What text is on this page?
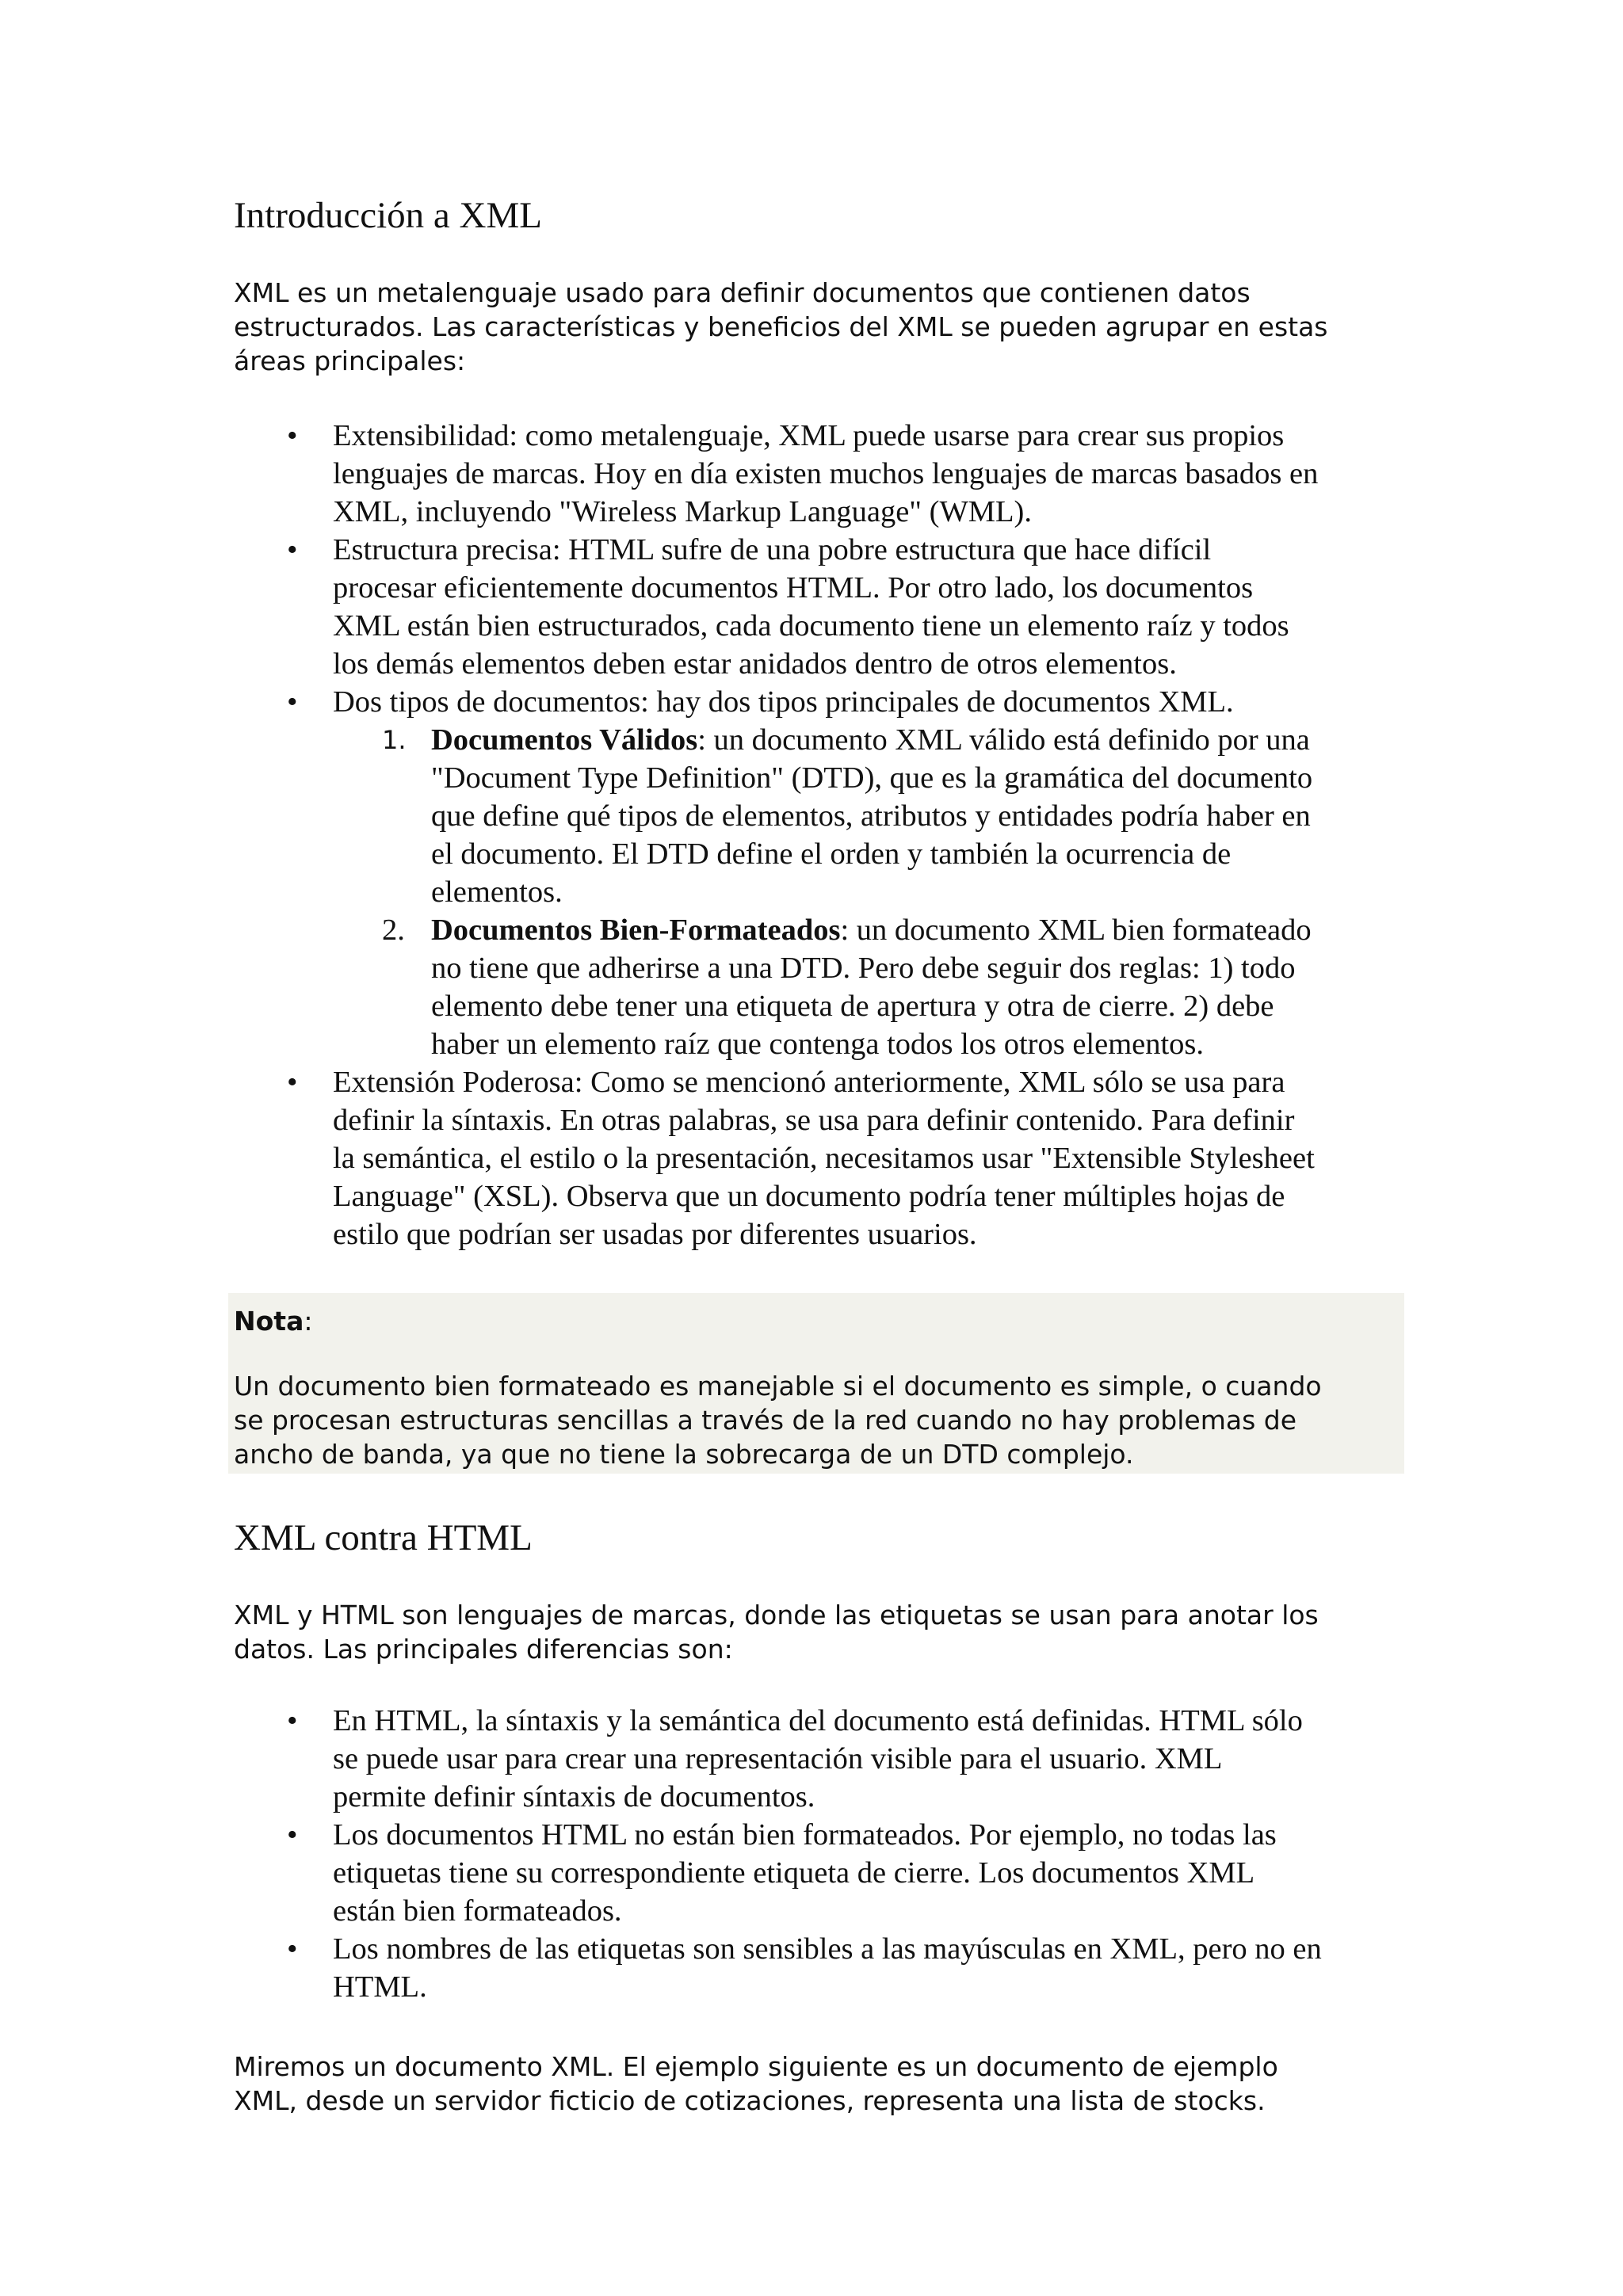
Introducción a XML
XML es un metalenguaje usado para definir documentos que contienen datos
estructurados. Las características y beneficios del XML se pueden agrupar en estas
áreas principales:
• Extensibilidad: como metalenguaje, XML puede usarse para crear sus propios
lenguajes de marcas. Hoy en día existen muchos lenguajes de marcas basados en
XML, incluyendo "Wireless Markup Language" (WML).
• Estructura precisa: HTML sufre de una pobre estructura que hace difícil
procesar eficientemente documentos HTML. Por otro lado, los documentos
XML están bien estructurados, cada documento tiene un elemento raíz y todos
los demás elementos deben estar anidados dentro de otros elementos.
• Dos tipos de documentos: hay dos tipos principales de documentos XML.
1. Documentos Válidos: un documento XML válido está definido por una
"Document Type Definition" (DTD), que es la gramática del documento
que define qué tipos de elementos, atributos y entidades podría haber en
el documento. El DTD define el orden y también la ocurrencia de
elementos.
2. Documentos Bien-Formateados: un documento XML bien formateado
no tiene que adherirse a una DTD. Pero debe seguir dos reglas: 1) todo
elemento debe tener una etiqueta de apertura y otra de cierre. 2) debe
haber un elemento raíz que contenga todos los otros elementos.
• Extensión Poderosa: Como se mencionó anteriormente, XML sólo se usa para
definir la síntaxis. En otras palabras, se usa para definir contenido. Para definir
la semántica, el estilo o la presentación, necesitamos usar "Extensible Stylesheet
Language" (XSL). Observa que un documento podría tener múltiples hojas de
estilo que podrían ser usadas por diferentes usuarios.
Nota:
Un documento bien formateado es manejable si el documento es simple, o cuando
se procesan estructuras sencillas a través de la red cuando no hay problemas de
ancho de banda, ya que no tiene la sobrecarga de un DTD complejo.
XML contra HTML
XML y HTML son lenguajes de marcas, donde las etiquetas se usan para anotar los
datos. Las principales diferencias son:
• En HTML, la síntaxis y la semántica del documento está definidas. HTML sólo
se puede usar para crear una representación visible para el usuario. XML
permite definir síntaxis de documentos.
• Los documentos HTML no están bien formateados. Por ejemplo, no todas las
etiquetas tiene su correspondiente etiqueta de cierre. Los documentos XML
están bien formateados.
• Los nombres de las etiquetas son sensibles a las mayúsculas en XML, pero no en
HTML.
Miremos un documento XML. El ejemplo siguiente es un documento de ejemplo
XML, desde un servidor ficticio de cotizaciones, representa una lista de stocks.
